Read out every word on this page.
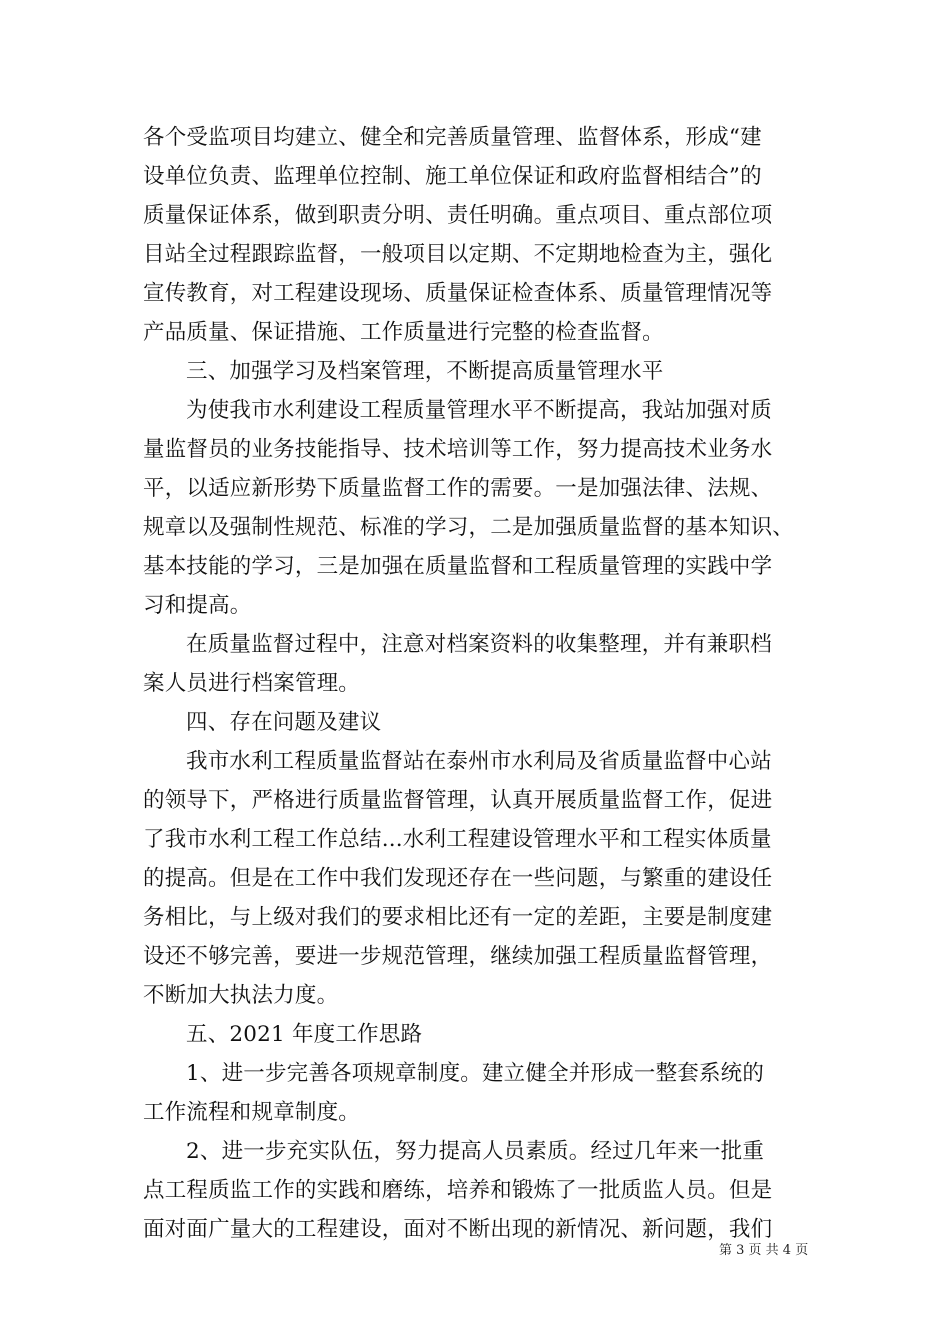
各个受监项目均建立、健全和完善质量管理、监督体系，形成“建
设单位负责、监理单位控制、施工单位保证和政府监督相结合”的
质量保证体系，做到职责分明、责任明确。重点项目、重点部位项
目站全过程跟踪监督，一般项目以定期、不定期地检查为主，强化
宣传教育，对工程建设现场、质量保证检查体系、质量管理情况等
产品质量、保证措施、工作质量进行完整的检查监督。
三、加强学习及档案管理，不断提高质量管理水平
为使我市水利建设工程质量管理水平不断提高，我站加强对质
量监督员的业务技能指导、技术培训等工作，努力提高技术业务水
平，以适应新形势下质量监督工作的需要。一是加强法律、法规、
规章以及强制性规范、标准的学习，二是加强质量监督的基本知识、
基本技能的学习，三是加强在质量监督和工程质量管理的实践中学
习和提高。
在质量监督过程中，注意对档案资料的收集整理，并有兼职档
案人员进行档案管理。
四、存在问题及建议
我市水利工程质量监督站在泰州市水利局及省质量监督中心站
的领导下，严格进行质量监督管理，认真开展质量监督工作，促进
了我市水利工程工作总结...水利工程建设管理水平和工程实体质量
的提高。但是在工作中我们发现还存在一些问题，与繁重的建设任
务相比，与上级对我们的要求相比还有一定的差距，主要是制度建
设还不够完善，要进一步规范管理，继续加强工程质量监督管理，
不断加大执法力度。
五、2021 年度工作思路
1、进一步完善各项规章制度。建立健全并形成一整套系统的
工作流程和规章制度。
2、进一步充实队伍，努力提高人员素质。经过几年来一批重
点工程质监工作的实践和磨练，培养和锻炼了一批质监人员。但是
面对面广量大的工程建设，面对不断出现的新情况、新问题，我们
第 3 页 共 4 页
